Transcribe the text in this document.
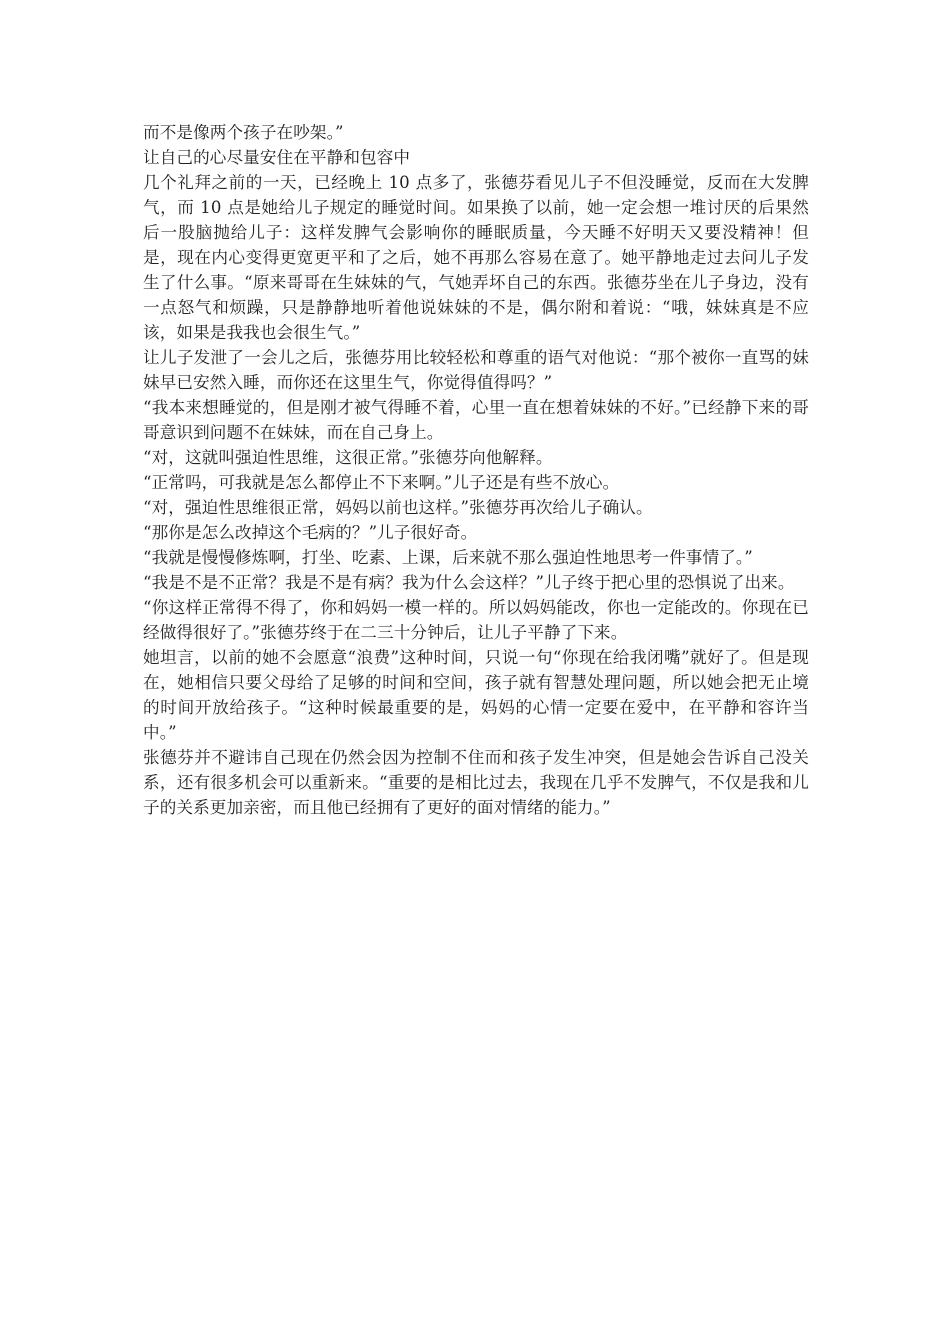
而不是像两个孩子在吵架。”

让自己的心尽量安住在平静和包容中

几个礼拜之前的一天，已经晚上 10 点多了，张德芬看见儿子不但没睡觉，反而在大发脾气，而 10 点是她给儿子规定的睡觉时间。如果换了以前，她一定会想一堆讨厌的后果然后一股脑抛给儿子：这样发脾气会影响你的睡眠质量，今天睡不好明天又要没精神！但是，现在内心变得更宽更平和了之后，她不再那么容易在意了。她平静地走过去问儿子发生了什么事。“原来哥哥在生妹妹的气，气她弄坏自己的东西。张德芬坐在儿子身边，没有一点怒气和烦躁，只是静静地听着他说妹妹的不是，偶尔附和着说：“哦，妹妹真是不应该，如果是我我也会很生气。”

让儿子发泄了一会儿之后，张德芬用比较轻松和尊重的语气对他说：“那个被你一直骂的妹妹早已安然入睡，而你还在这里生气，你觉得值得吗？”

“我本来想睡觉的，但是刚才被气得睡不着，心里一直在想着妹妹的不好。”已经静下来的哥哥意识到问题不在妹妹，而在自己身上。

“对，这就叫强迫性思维，这很正常。”张德芬向他解释。

“正常吗，可我就是怎么都停止不下来啊。”儿子还是有些不放心。

“对，强迫性思维很正常，妈妈以前也这样。”张德芬再次给儿子确认。

“那你是怎么改掉这个毛病的？”儿子很好奇。

“我就是慢慢修炼啊，打坐、吃素、上课，后来就不那么强迫性地思考一件事情了。”

“我是不是不正常？我是不是有病？我为什么会这样？”儿子终于把心里的恐惧说了出来。

“你这样正常得不得了，你和妈妈一模一样的。所以妈妈能改，你也一定能改的。你现在已经做得很好了。”张德芬终于在二三十分钟后，让儿子平静了下来。

她坦言，以前的她不会愿意“浪费”这种时间，只说一句“你现在给我闭嘴”就好了。但是现在，她相信只要父母给了足够的时间和空间，孩子就有智慧处理问题，所以她会把无止境的时间开放给孩子。“这种时候最重要的是，妈妈的心情一定要在爱中，在平静和容许当中。”

张德芬并不避讳自己现在仍然会因为控制不住而和孩子发生冲突，但是她会告诉自己没关系，还有很多机会可以重新来。“重要的是相比过去，我现在几乎不发脾气，不仅是我和儿子的关系更加亲密，而且他已经拥有了更好的面对情绪的能力。”
